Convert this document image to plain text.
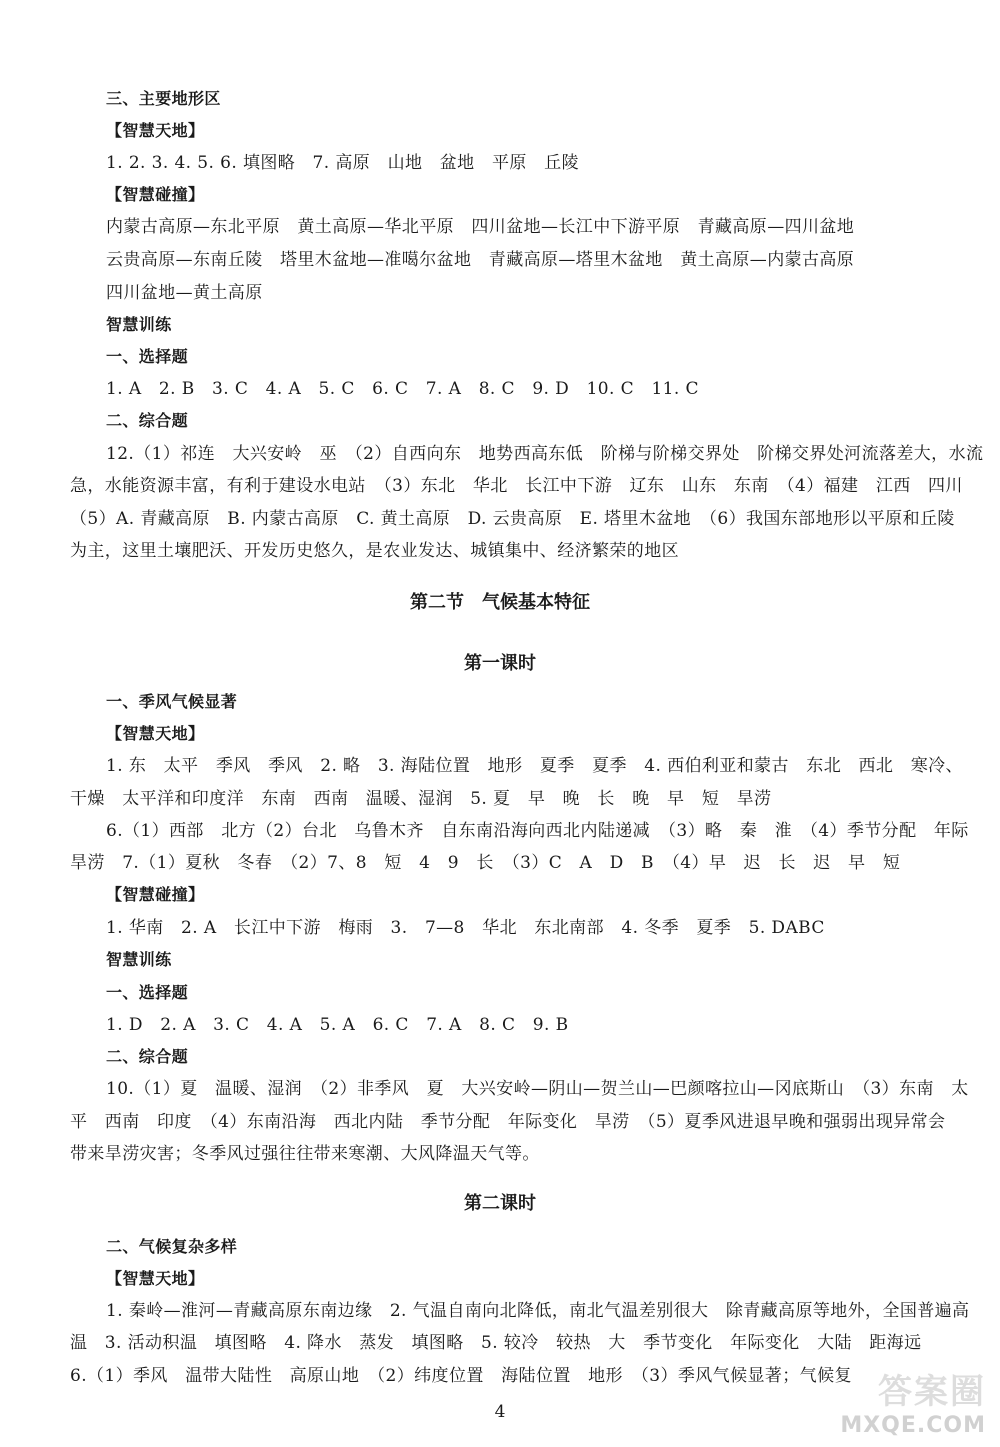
三、主要地形区
【智慧天地】
1. 2. 3. 4. 5. 6. 填图略　7. 高原　山地　盆地　平原　丘陵
【智慧碰撞】
内蒙古高原—东北平原　黄土高原—华北平原　四川盆地—长江中下游平原　青藏高原—四川盆地
云贵高原—东南丘陵　塔里木盆地—准噶尔盆地　青藏高原—塔里木盆地　黄土高原—内蒙古高原
四川盆地—黄土高原
智慧训练
一、选择题
1. A　2. B　3. C　4. A　5. C　6. C　7. A　8. C　9. D　10. C　11. C
二、综合题
12.（1）祁连　大兴安岭　巫　（2）自西向东　地势西高东低　阶梯与阶梯交界处　阶梯交界处河流落差大，水流
急，水能资源丰富，有利于建设水电站　（3）东北　华北　长江中下游　辽东　山东　东南　（4）福建　江西　四川
（5）A. 青藏高原　B. 内蒙古高原　C. 黄土高原　D. 云贵高原　E. 塔里木盆地　（6）我国东部地形以平原和丘陵
为主，这里土壤肥沃、开发历史悠久，是农业发达、城镇集中、经济繁荣的地区
一、季风气候显著
【智慧天地】
1. 东　太平　季风　季风　2. 略　3. 海陆位置　地形　夏季　夏季　4. 西伯利亚和蒙古　东北　西北　寒冷、
干燥　太平洋和印度洋　东南　西南　温暖、湿润　5. 夏　早　晚　长　晚　早　短　旱涝
6.（1）西部　北方（2）台北　乌鲁木齐　自东南沿海向西北内陆递减　（3）略　秦　淮　（4）季节分配　年际
旱涝　7.（1）夏秋　冬春　（2）7、8　短　4　9　长　（3）C　A　D　B　（4）早　迟　长　迟　早　短
【智慧碰撞】
1. 华南　2. A　长江中下游　梅雨　3.　7—8　华北　东北南部　4. 冬季　夏季　5. DABC
智慧训练
一、选择题
1. D　2. A　3. C　4. A　5. A　6. C　7. A　8. C　9. B
二、综合题
10.（1）夏　温暖、湿润　（2）非季风　夏　大兴安岭—阴山—贺兰山—巴颜喀拉山—冈底斯山　（3）东南　太
平　西南　印度　（4）东南沿海　西北内陆　季节分配　年际变化　旱涝　（5）夏季风进退早晚和强弱出现异常会
带来旱涝灾害；冬季风过强往往带来寒潮、大风降温天气等。
二、气候复杂多样
【智慧天地】
1. 秦岭—淮河—青藏高原东南边缘　2. 气温自南向北降低，南北气温差别很大　除青藏高原等地外，全国普遍高
温　3. 活动积温　填图略　4. 降水　蒸发　填图略　5. 较冷　较热　大　季节变化　年际变化　大陆　距海远
6.（1）季风　温带大陆性　高原山地　（2）纬度位置　海陆位置　地形　（3）季风气候显著；气候复
第二节　气候基本特征
第一课时
第二课时
4	答案圈
MXQE.COM
